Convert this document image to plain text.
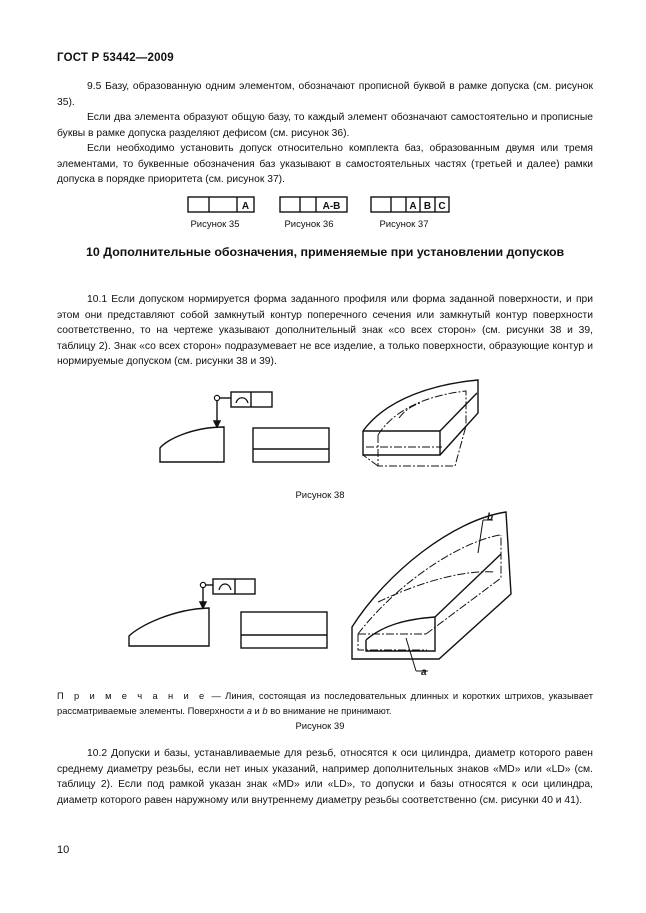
ГОСТ Р 53442—2009
9.5 Базу, образованную одним элементом, обозначают прописной буквой в рамке допуска (см. рисунок 35).
Если два элемента образуют общую базу, то каждый элемент обозначают самостоятельно и прописные буквы в рамке допуска разделяют дефисом (см. рисунок 36).
Если необходимо установить допуск относительно комплекта баз, образованным двумя или тремя элементами, то буквенные обозначения баз указывают в самостоятельных частях (третьей и далее) рамки допуска в порядке приоритета (см. рисунок 37).
A	A-B	A B C
Рисунок 35	Рисунок 36	Рисунок 37
10 Дополнительные обозначения, применяемые при установлении допусков
10.1 Если допуском нормируется форма заданного профиля или форма заданной поверхности, и при этом они представляют собой замкнутый контур поперечного сечения или замкнутый контур поверхности соответственно, то на чертеже указывают дополнительный знак «со всех сторон» (см. рисунки 38 и 39, таблицу 2). Знак «со всех сторон» подразумевает не все изделие, а только поверхности, образующие контур и нормируемые допуском (см. рисунки 38 и 39).
Рисунок 38
b
a
П р и м е ч а н и е — Линия, состоящая из последовательных длинных и коротких штрихов, указывает рассматриваемые элементы. Поверхности a и b во внимание не принимают.
Рисунок 39
10.2 Допуски и базы, устанавливаемые для резьб, относятся к оси цилиндра, диаметр которого равен среднему диаметру резьбы, если нет иных указаний, например дополнительных знаков «MD» или «LD» (см. таблицу 2). Если под рамкой указан знак «MD» или «LD», то допуски и базы относятся к оси цилиндра, диаметр которого равен наружному или внутреннему диаметру резьбы соответственно (см. рисунки 40 и 41).
10
